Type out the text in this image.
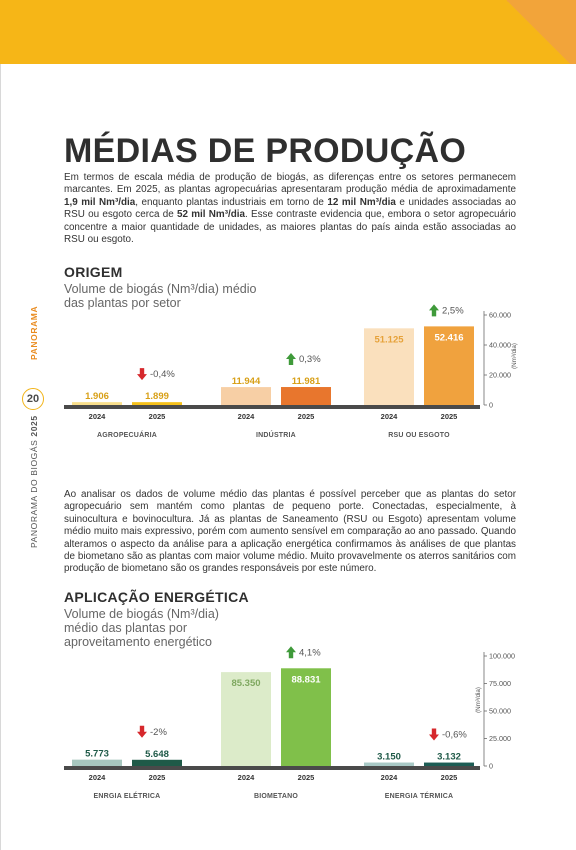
PANORAMA
20
PANORAMA DO BIOGÁS 2025
MÉDIAS DE PRODUÇÃO
Em termos de escala média de produção de biogás, as diferenças entre os setores permanecem marcantes. Em 2025, as plantas agropecuárias apresentaram produção média de aproximadamente 1,9 mil Nm³/dia, enquanto plantas industriais em torno de 12 mil Nm³/dia e unidades associadas ao RSU ou esgoto cerca de 52 mil Nm³/dia. Esse contraste evidencia que, embora o setor agropecuário concentre a maior quantidade de unidades, as maiores plantas do país ainda estão associadas ao RSU ou esgoto.
ORIGEM
Volume de biogás (Nm³/dia) médio
das plantas por setor
60.000
40.000
20.000
0
(Nm³/dia)
1.906
2024
1.899
2025
AGROPECUÁRIA
-0,4%
11.944
2024
11.981
2025
INDÚSTRIA
0,3%
51.125
2024
52.416
2025
RSU OU ESGOTO
2,5%
Ao analisar os dados de volume médio das plantas é possível perceber que as plantas do setor agropecuário sem mantém como plantas de pequeno porte. Conectadas, especialmente, à suinocultura e bovinocultura. Já as plantas de Saneamento (RSU ou Esgoto) apresentam volume médio muito mais expressivo, porém com aumento sensível em comparação ao ano passado. Quando alteramos o aspecto da análise para a aplicação energética confirmamos às análises de que plantas de biometano são as plantas com maior volume médio. Muito provavelmente os aterros sanitários com produção de biometano são os grandes responsáveis por este número.
APLICAÇÃO ENERGÉTICA
Volume de biogás (Nm³/dia)
médio das plantas por
aproveitamento energético
100.000
75.000
50.000
25.000
0
(Nm³/dia)
5.773
2024
5.648
2025
ENRGIA ELÉTRICA
-2%
85.350
2024
88.831
2025
BIOMETANO
4,1%
3.150
2024
3.132
2025
ENERGIA TÉRMICA
-0,6%
